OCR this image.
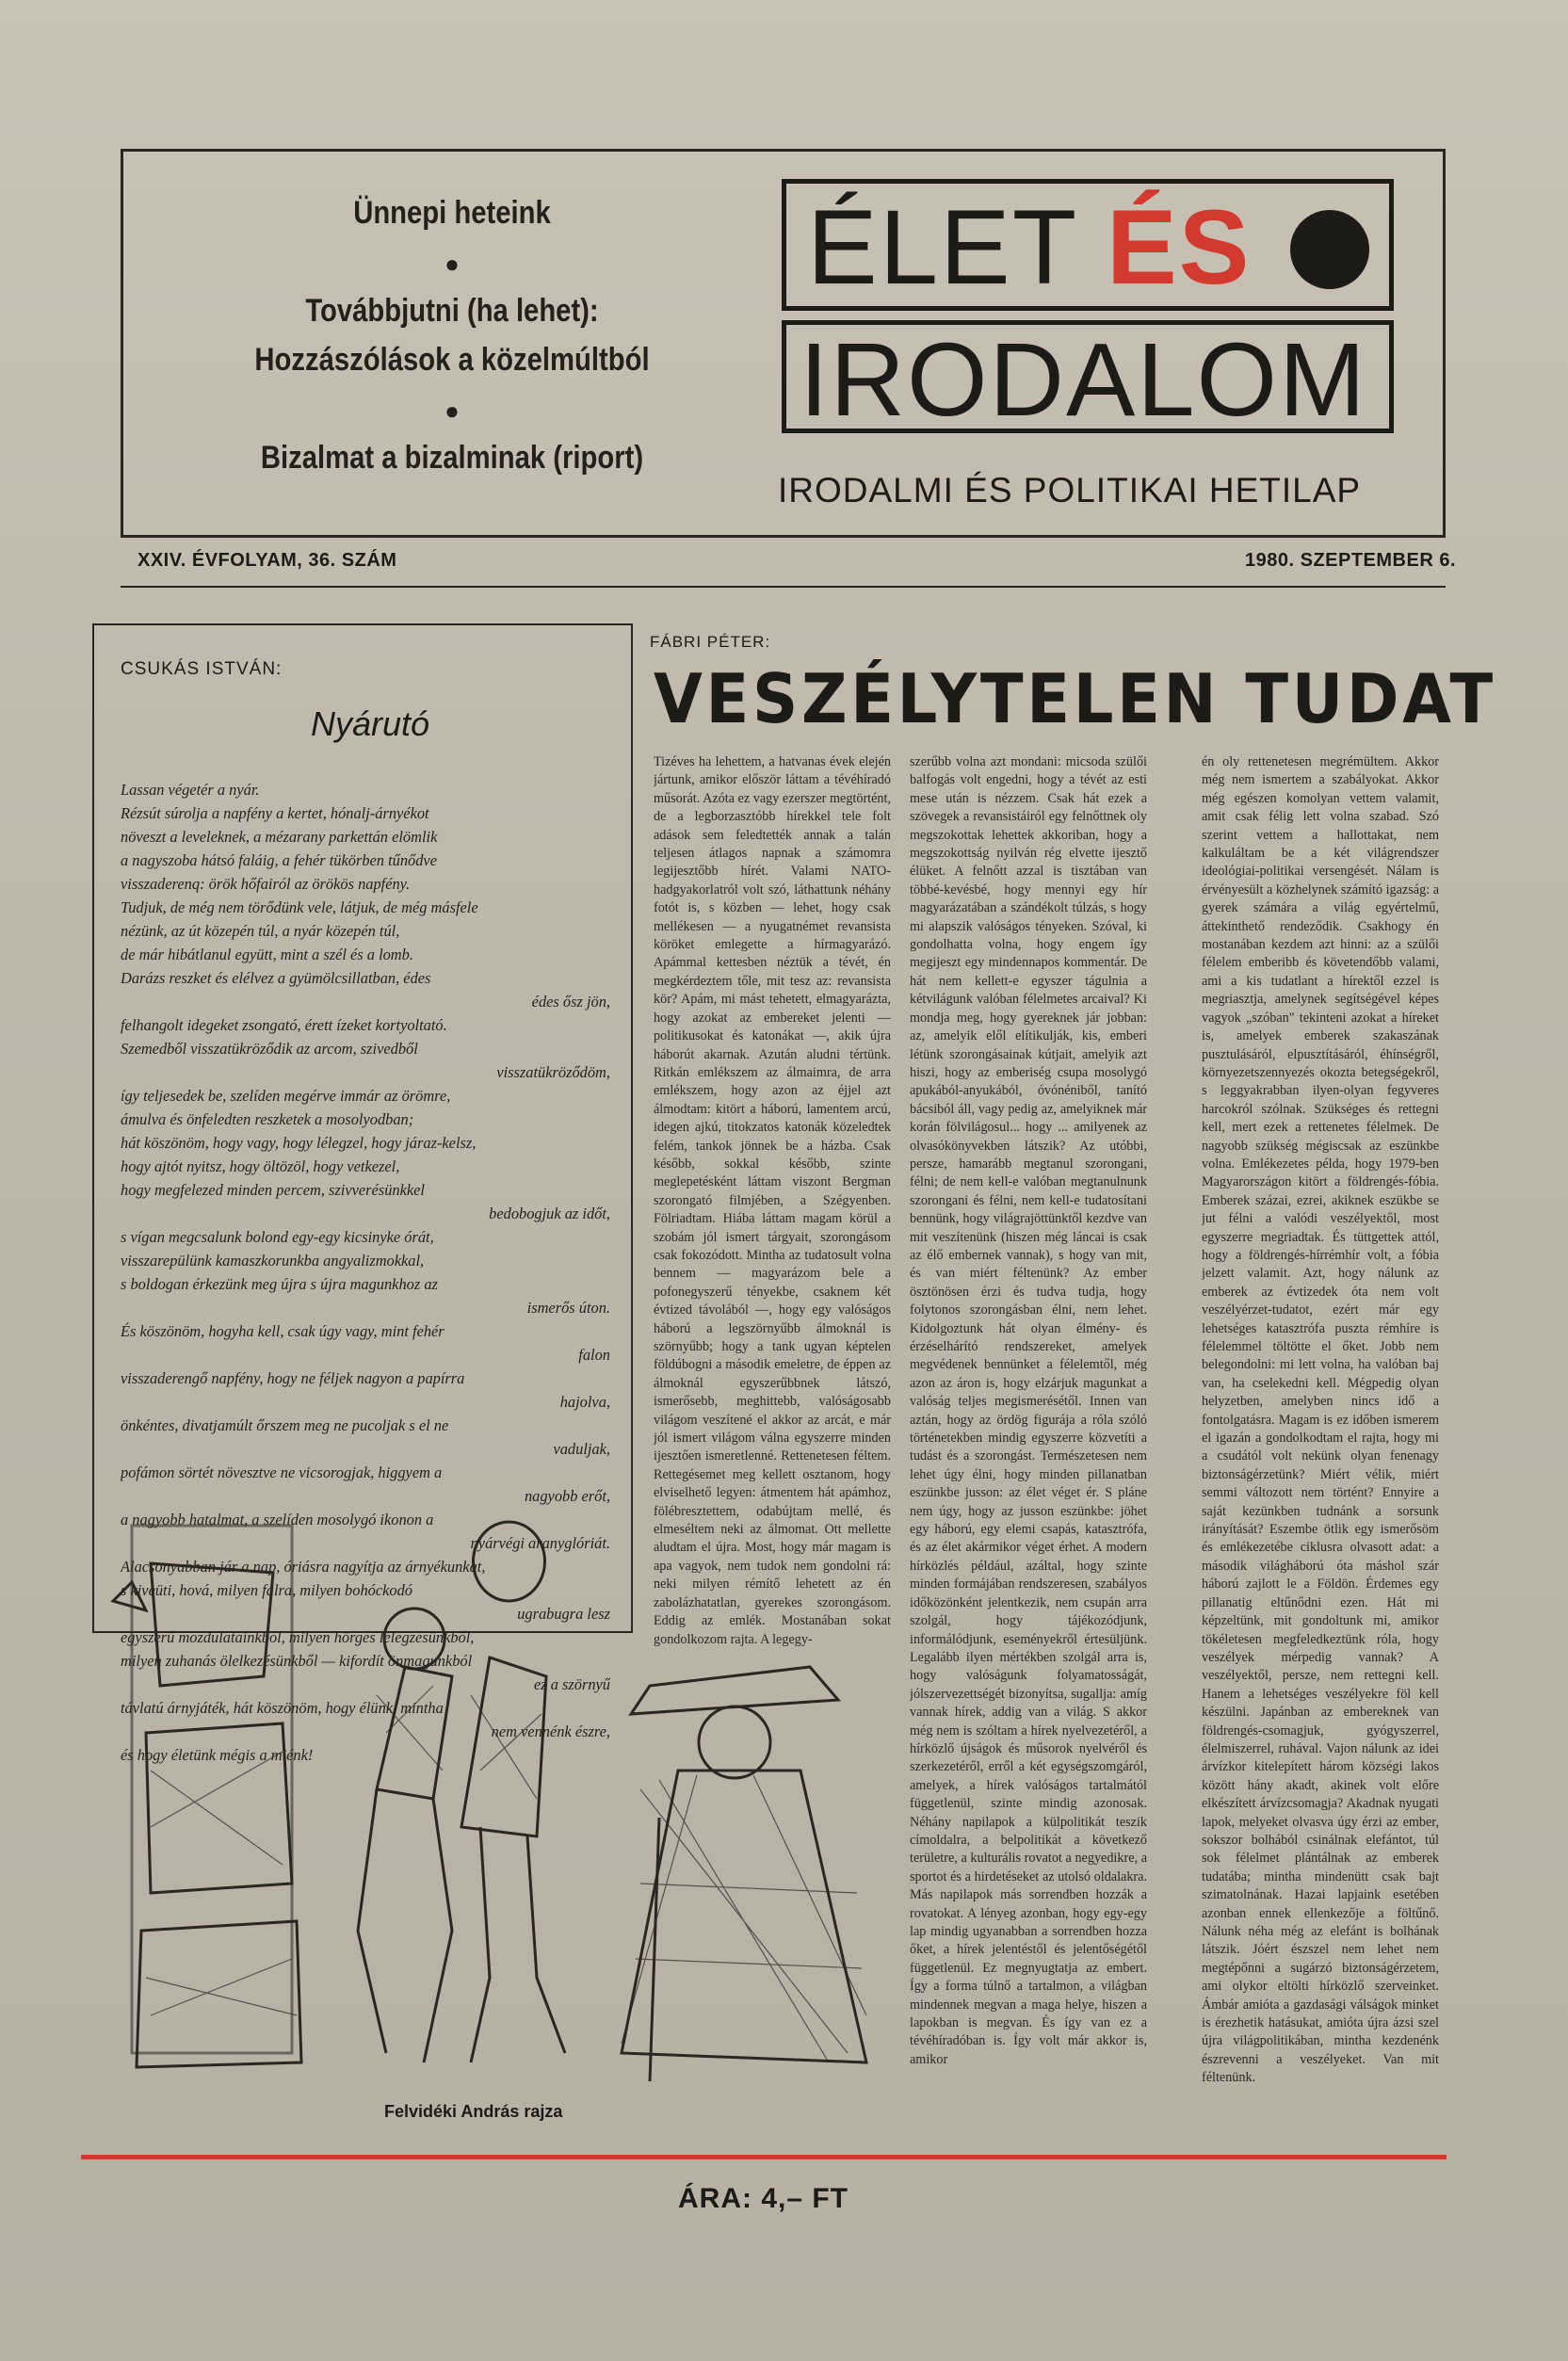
Ünnepi heteink
●
Továbbjutni (ha lehet):
Hozzászólások a közelmúltból
●
Bizalmat a bizalminak (riport)
ÉLET ÉS
IRODALOM
IRODALMI ÉS POLITIKAI HETILAP
XXIV. ÉVFOLYAM, 36. SZÁM	1980. SZEPTEMBER 6.
CSUKÁS ISTVÁN:
Nyárutó
Lassan végetér a nyár.
Rézsút súrolja a napfény a kertet, hónalj-árnyékot
növeszt a leveleknek, a mézarany parkettán elömlik
a nagyszoba hátsó faláig, a fehér tükörben tűnődve
visszaderenq: örök hőfairól az örökös napfény.
Tudjuk, de még nem törődünk vele, látjuk, de még másfele
nézünk, az út közepén túl, a nyár közepén túl,
de már hibátlanul együtt, mint a szél és a lomb.
Darázs reszket és elélvez a gyümölcsillatban, édes
édes ősz jön,
felhangolt idegeket zsongató, érett ízeket kortyoltató.
Szemedből visszatükröződik az arcom, szivedből
visszatükröződöm,
így teljesedek be, szelíden megérve immár az örömre,
ámulva és önfeledten reszketek a mosolyodban;
hát köszönöm, hogy vagy, hogy lélegzel, hogy járaz-kelsz,
hogy ajtót nyitsz, hogy öltözöl, hogy vetkezel,
hogy megfelezed minden percem, szivverésünkkel
bedobogjuk az időt,
s vígan megcsalunk bolond egy-egy kicsinyke órát,
visszarepülünk kamaszkorunkba angyalizmokkal,
s boldogan érkezünk meg újra s újra magunkhoz az
ismerős úton.
És köszönöm, hogyha kell, csak úgy vagy, mint fehér
falon
visszaderengő napfény, hogy ne féljek nagyon a papírra
hajolva,
önkéntes, divatjamúlt őrszem meg ne pucoljak s el ne
vaduljak,
pofámon sörtét növesztve ne vicsorogjak, higgyem a
nagyobb erőt,
a nagyobb hatalmat, a szelíden mosolygó ikonon a
nyárvégi aranyglóriát.
Alacsonyabban jár a nap, óriásra nagyítja az árnyékunkat,
s kiveüti, hová, milyen falra, milyen bohóckodó
ugrabugra lesz
egyszerű mozdulatainkból, milyen hörgés lélegzésünkből,
milyen zuhanás ölelkezésünkből — kifordít önmagunkból
ez a szörnyű
távlatú árnyjáték, hát köszönöm, hogy élünk, mintha
nem vennénk észre,
és hogy életünk mégis a miénk!
FÁBRI PÉTER:
VESZÉLYTELEN TUDAT
Tizéves ha lehettem, a hatvanas évek elején jártunk, amikor először láttam a tévéhíradó műsorát. Azóta ez vagy ezerszer megtörtént, de a legborzasztóbb hírekkel tele folt adások sem feledtették annak a talán teljesen átlagos napnak a számomra legijesztőbb hírét. Valami NATO-hadgyakorlatról volt szó, láthattunk néhány fotót is, s közben — lehet, hogy csak mellékesen — a nyugatnémet revansista köröket emlegette a hírmagyarázó. Apámmal kettesben néztük a tévét, én megkérdeztem tőle, mit tesz az: revansista kör? Apám, mi mást tehetett, elmagyarázta, hogy azokat az embereket jelenti — politikusokat és katonákat —, akik újra háborút akarnak. Azután aludni tértünk. Ritkán emlékszem az álmaimra, de arra emlékszem, hogy azon az éjjel azt álmodtam: kitört a háború, lamentem arcú, idegen ajkú, titokzatos katonák közeledtek felém, tankok jönnek be a házba. Csak később, sokkal később, szinte meglepetésként láttam viszont Bergman szorongató filmjében, a Szégyenben. Fölriadtam. Hiába láttam magam körül a szobám jól ismert tárgyait, szorongásom csak fokozódott. Mintha az tudatosult volna bennem — magyarázom bele a pofonegyszerű tényekbe, csaknem két évtized távolából —, hogy egy valóságos háború a legszörnyűbb álmoknál is szörnyűbb; hogy a tank ugyan képtelen földúbogni a második emeletre, de éppen az álmoknál egyszerűbbnek látszó, ismerősebb, meghittebb, valóságosabb világom veszítené el akkor az arcát, e már jól ismert világom válna egyszerre minden ijesztően ismeretlenné. Rettenetesen féltem. Rettegésemet meg kellett osztanom, hogy elviselhető legyen: átmentem hát apámhoz, fölébresztettem, odabújtam mellé, és elmeséltem neki az álmomat. Ott mellette aludtam el újra. Most, hogy már magam is apa vagyok, nem tudok nem gondolni rá: neki milyen rémítő lehetett az én zabolázhatatlan, gyerekes szorongásom. Eddig az emlék. Mostanában sokat gondolkozom rajta. A legegy-
szerűbb volna azt mondani: micsoda szülői balfogás volt engedni, hogy a tévét az esti mese után is nézzem. Csak hát ezek a szövegek a revansistáiról egy felnőttnek oly megszokottak lehettek akkoriban, hogy a megszokottság nyilván rég elvette ijesztő élüket. A felnőtt azzal is tisztában van többé-kevésbé, hogy mennyi egy hír magyarázatában a szándékolt túlzás, s hogy mi alapszik valóságos tényeken. Szóval, ki gondolhatta volna, hogy engem így megijeszt egy mindennapos kommentár. De hát nem kellett-e egyszer tágulnia a kétvilágunk valóban félelmetes arcaival? Ki mondja meg, hogy gyereknek jár jobban: az, amelyik elől elítikulják, kis, emberi létünk szorongásainak kútjait, amelyik azt hiszi, hogy az emberiség csupa mosolygó apukából-anyukából, óvónéniből, tanító bácsiból áll, vagy pedig az, amelyiknek már korán fölvilágosul... hogy ... amilyenek az olvasókönyvekben látszik? Az utóbbi, persze, hamarább megtanul szorongani, félni; de nem kell-e valóban megtanulnunk szorongani és félni, nem kell-e tudatosítani bennünk, hogy világrajöttünktől kezdve van mit veszítenünk (hiszen még láncai is csak az élő embernek vannak), s hogy van mit, és van miért féltenünk? Az ember ösztönösen érzi és tudva tudja, hogy folytonos szorongásban élni, nem lehet. Kidolgoztunk hát olyan élmény- és érzéselhárító rendszereket, amelyek megvédenek bennünket a félelemtől, még azon az áron is, hogy elzárjuk magunkat a valóság teljes megismerésétől. Innen van aztán, hogy az ördög figurája a róla szóló történetekben mindig egyszerre közvetíti a tudást és a szorongást. Természetesen nem lehet úgy élni, hogy minden pillanatban eszünkbe jusson: az élet véget ér. S pláne nem úgy, hogy az jusson eszünkbe: jöhet egy háború, egy elemi csapás, katasztrófa, és az élet akármikor véget érhet. A modern hírközlés például, azáltal, hogy szinte minden formájában rendszeresen, szabályos időközönként jelentkezik, nem csupán arra szolgál, hogy tájékozódjunk, informálódjunk, eseményekről értesüljünk. Legalább ilyen mértékben szolgál arra is, hogy valóságunk folyamatosságát, jólszervezettségét bizonyítsa, sugallja: amíg vannak hírek, addig van a világ. S akkor még nem is szóltam a hírek nyelvezetéről, a hírközlő újságok és műsorok nyelvéről és szerkezetéről, erről a két egységszomgáról, amelyek, a hírek valóságos tartalmától függetlenül, szinte mindig azonosak. Néhány napilapok a külpolitikát teszik címoldalra, a belpolitikát a következő területre, a kulturális rovatot a negyedikre, a sportot és a hirdetéseket az utolsó oldalakra. Más napilapok más sorrendben hozzák a rovatokat. A lényeg azonban, hogy egy-egy lap mindig ugyanabban a sorrendben hozza őket, a hírek jelentéstől és jelentőségétől függetlenül. Ez megnyugtatja az embert. Így a forma túlnő a tartalmon, a világban mindennek megvan a maga helye, hiszen a lapokban is megvan. És így van ez a tévéhíradóban is. Így volt már akkor is, amikor
én oly rettenetesen megrémültem. Akkor még nem ismertem a szabályokat. Akkor még egészen komolyan vettem valamit, amit csak félig lett volna szabad. Szó szerint vettem a hallottakat, nem kalkuláltam be a két világrendszer ideológiai-politikai versengését. Nálam is érvényesült a közhelynek számító igazság: a gyerek számára a világ egyértelmű, áttekinthető rendeződik. Csakhogy én mostanában kezdem azt hinni: az a szülői félelem emberibb és követendőbb valami, ami a kis tudatlant a hírektől ezzel is megriasztja, amelynek segítségével képes vagyok „szóban" tekinteni azokat a híreket is, amelyek emberek szakaszának pusztulásáról, elpusztításáról, éhínségről, környezetszennyezés okozta betegségekről, s leggyakrabban ilyen-olyan fegyveres harcokról szólnak. Szükséges és rettegni kell, mert ezek a rettenetes félelmek. De nagyobb szükség mégiscsak az eszünkbe volna. Emlékezetes példa, hogy 1979-ben Magyarországon kitört a földrengés-fóbia. Emberek százai, ezrei, akiknek eszükbe se jut félni a valódi veszélyektől, most egyszerre megriadtak. És tüttgettek attól, hogy a földrengés-hírrémhír volt, a fóbia jelzett valamit. Azt, hogy nálunk az emberek az évtizedek óta nem volt veszélyérzet-tudatot, ezért már egy lehetséges katasztrófa puszta rémhíre is félelemmel töltötte el őket. Jobb nem belegondolni: mi lett volna, ha valóban baj van, ha cselekedni kell. Mégpedig olyan helyzetben, amelyben nincs idő a fontolgatásra. Magam is ez időben ismerem el igazán a gondolkodtam el rajta, hogy mi a csudától volt nekünk olyan fenenagy biztonságérzetünk? Miért vélik, miért semmi változott nem történt? Ennyire a saját kezünkben tudnánk a sorsunk irányítását? Eszembe ötlik egy ismerősöm és emlékezetébe ciklusra olvasott adat: a második világháború óta máshol szár háború zajlott le a Földön. Érdemes egy pillanatig eltűnődni ezen. Hát mi képzeltünk, mit gondoltunk mi, amikor tökéletesen megfeledkeztünk róla, hogy veszélyek mérpedig vannak? A veszélyektől, persze, nem rettegni kell. Hanem a lehetséges veszélyekre föl kell készülni. Japánban az embereknek van földrengés-csomagjuk, gyógyszerrel, élelmiszerrel, ruhával. Vajon nálunk az idei árvízkor kitelepített három községi lakos között hány akadt, akinek volt előre elkészített árvízcsomagja? Akadnak nyugati lapok, melyeket olvasva úgy érzi az ember, sokszor bolhából csinálnak elefántot, túl sok félelmet plántálnak az emberek tudatába; mintha mindenütt csak bajt szimatolnának. Hazai lapjaink esetében azonban ennek ellenkezője a föltűnő. Nálunk néha még az elefánt is bolhának látszik. Jóért észszel nem lehet nem megtépőnni a sugárzó biztonságérzetem, ami olykor eltölti hírközlő szerveinket. Ámbár amióta a gazdasági válságok minket is érezhetik hatásukat, amióta újra ázsi szel újra világpolitikában, mintha kezdenénk észrevenni a veszélyeket. Van mit féltenünk.
Felvidéki András rajza
ÁRA: 4,– FT
